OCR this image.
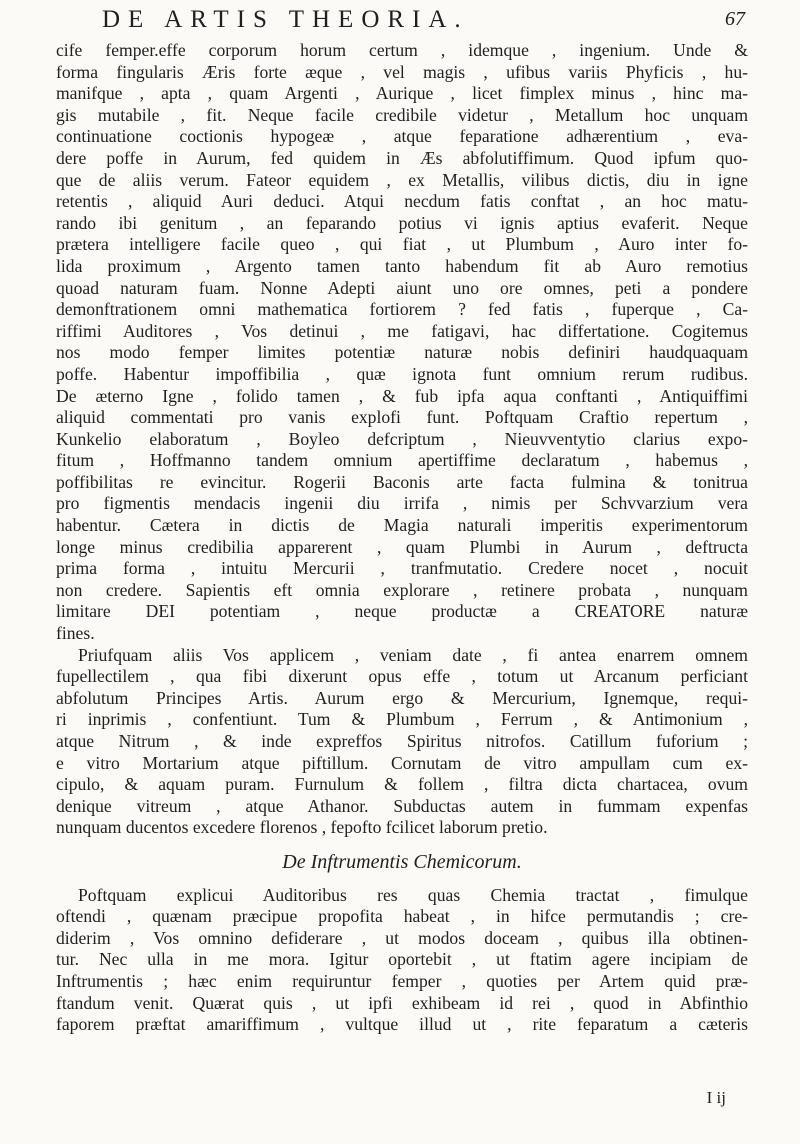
DE ARTIS THEORIA.	67

cife femper.effe corporum horum certum , idemque , ingenium. Unde &

forma fingularis Æris forte æque , vel magis , ufibus variis Phyficis , hu-

manifque , apta , quam Argenti , Aurique , licet fimplex minus , hinc ma-

gis mutabile , fit. Neque facile credibile videtur , Metallum hoc unquam

continuatione coctionis hypogeæ , atque feparatione adhærentium , eva-

dere poffe in Aurum, fed quidem in Æs abfolutiffimum. Quod ipfum quo-

que de aliis verum. Fateor equidem , ex Metallis, vilibus dictis, diu in igne

retentis , aliquid Auri deduci. Atqui necdum fatis conftat , an hoc matu-

rando ibi genitum , an feparando potius vi ignis aptius evaferit. Neque

prætera intelligere facile queo , qui fiat , ut Plumbum , Auro inter fo-

lida proximum , Argento tamen tanto habendum fit ab Auro remotius

quoad naturam fuam. Nonne Adepti aiunt uno ore omnes, peti a pondere

demonftrationem omni mathematica fortiorem ? fed fatis , fuperque , Ca-

riffimi Auditores , Vos detinui , me fatigavi, hac differtatione. Cogitemus

nos modo femper limites potentiæ naturæ nobis definiri haudquaquam

poffe. Habentur impoffibilia , quæ ignota funt omnium rerum rudibus.

De æterno Igne , folido tamen , & fub ipfa aqua conftanti , Antiquiffimi

aliquid commentati pro vanis explofi funt. Poftquam Craftio repertum ,

Kunkelio elaboratum , Boyleo defcriptum , Nieuvventytio clarius expo-

fitum , Hoffmanno tandem omnium apertiffime declaratum , habemus ,

poffibilitas re evincitur. Rogerii Baconis arte facta fulmina & tonitrua

pro figmentis mendacis ingenii diu irrifa , nimis per Schvvarzium vera

habentur. Cætera in dictis de Magia naturali imperitis experimentorum

longe minus credibilia apparerent , quam Plumbi in Aurum , deftructa

prima forma , intuitu Mercurii , tranfmutatio. Credere nocet , nocuit

non credere. Sapientis eft omnia explorare , retinere probata , nunquam

limitare DEI potentiam , neque productæ a CREATORE naturæ

fines.

Priufquam aliis Vos applicem , veniam date , fi antea enarrem omnem

fupellectilem , qua fibi dixerunt opus effe , totum ut Arcanum perficiant

abfolutum Principes Artis. Aurum ergo & Mercurium, Ignemque, requi-

ri inprimis , confentiunt. Tum & Plumbum , Ferrum , & Antimonium ,

atque Nitrum , & inde expreffos Spiritus nitrofos. Catillum fuforium ;

e vitro Mortarium atque piftillum. Cornutam de vitro ampullam cum ex-

cipulo, & aquam puram. Furnulum & follem , filtra dicta chartacea, ovum

denique vitreum , atque Athanor. Subductas autem in fummam expenfas

nunquam ducentos excedere florenos , fepofto fcilicet laborum pretio.

De Inftrumentis Chemicorum.

Poftquam explicui Auditoribus res quas Chemia tractat , fimulque

oftendi , quænam præcipue propofita habeat , in hifce permutandis ; cre-

diderim , Vos omnino defiderare , ut modos doceam , quibus illa obtinen-

tur. Nec ulla in me mora. Igitur oportebit , ut ftatim agere incipiam de

Inftrumentis ; hæc enim requiruntur femper , quoties per Artem quid præ-

ftandum venit. Quærat quis , ut ipfi exhibeam id rei , quod in Abfinthio

faporem præftat amariffimum , vultque illud ut , rite feparatum a cæteris

I ij
